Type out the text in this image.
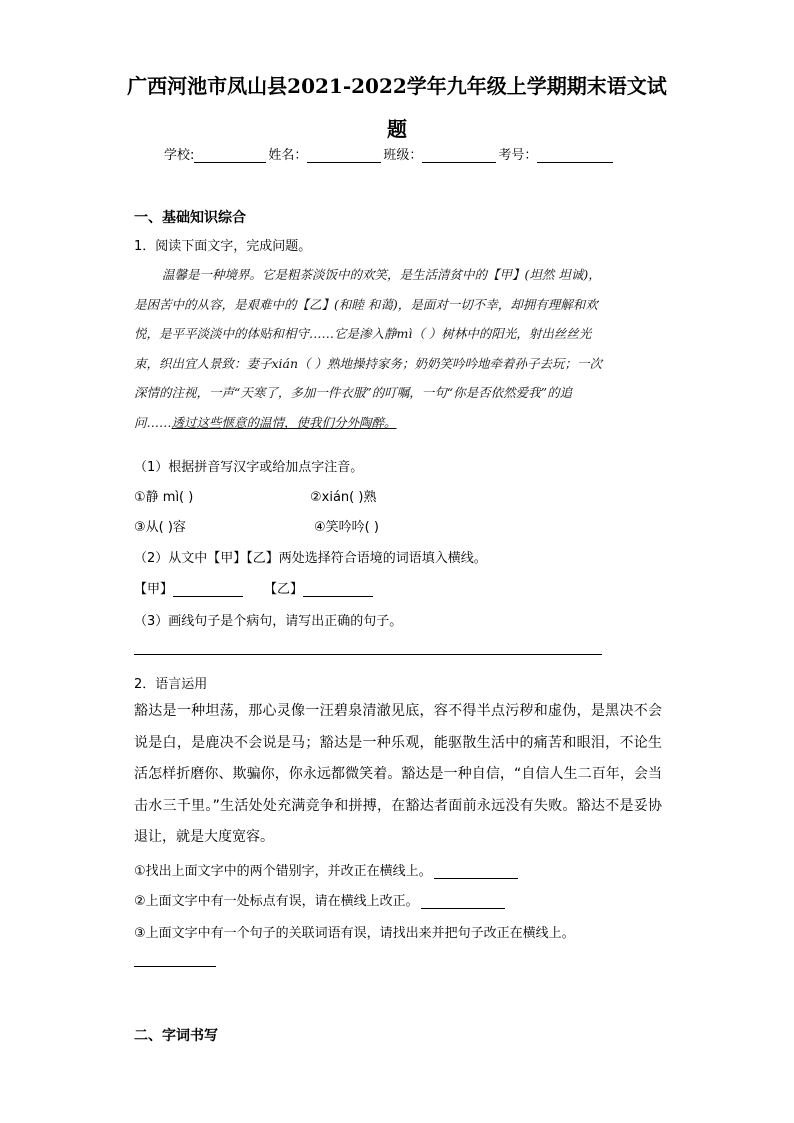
广西河池市凤山县2021-2022学年九年级上学期期末语文试
题
学校:	姓名：	班级：	考号：
一、基础知识综合
1．阅读下面文字，完成问题。

温馨是一种境界。它是粗茶淡饭中的欢笑，是生活清贫中的【甲】(坦然 坦诚)，

是困苦中的从容，是艰难中的【乙】(和睦 和蔼)，是面对一切不幸，却拥有理解和欢

悦，是平平淡淡中的体贴和相守……它是渗入静mì（ ）树林中的阳光，射出丝丝光

束，织出宜人景致：妻子xián（ ）熟地操持家务；奶奶笑吟吟地牵着孙子去玩；一次

深情的注视，一声“天寒了，多加一件衣服”的叮嘱，一句“你是否依然爱我”的追

问……透过这些惬意的温情，使我们分外陶醉。

（1）根据拼音写汉字或给加点字注音。
①静 mì( )	②xián( )熟
③从( )容	④笑吟吟( )
（2）从文中【甲】【乙】两处选择符合语境的词语填入横线。
【甲】	【乙】
（3）画线句子是个病句，请写出正确的句子。
2．语言运用

豁达是一种坦荡，那心灵像一汪碧泉清澈见底，容不得半点污秽和虚伪，是黑决不会说是白，是鹿决不会说是马；豁达是一种乐观，能驱散生活中的痛苦和眼泪，不论生活怎样折磨你、欺骗你，你永远都微笑着。豁达是一种自信，“自信人生二百年，会当击水三千里。”生活处处充满竞争和拼搏，在豁达者面前永远没有失败。豁达不是妥协退让，就是大度宽容。

①找出上面文字中的两个错别字，并改正在横线上。
②上面文字中有一处标点有误，请在横线上改正。
③上面文字中有一个句子的关联词语有误，请找出来并把句子改正在横线上。
二、字词书写
